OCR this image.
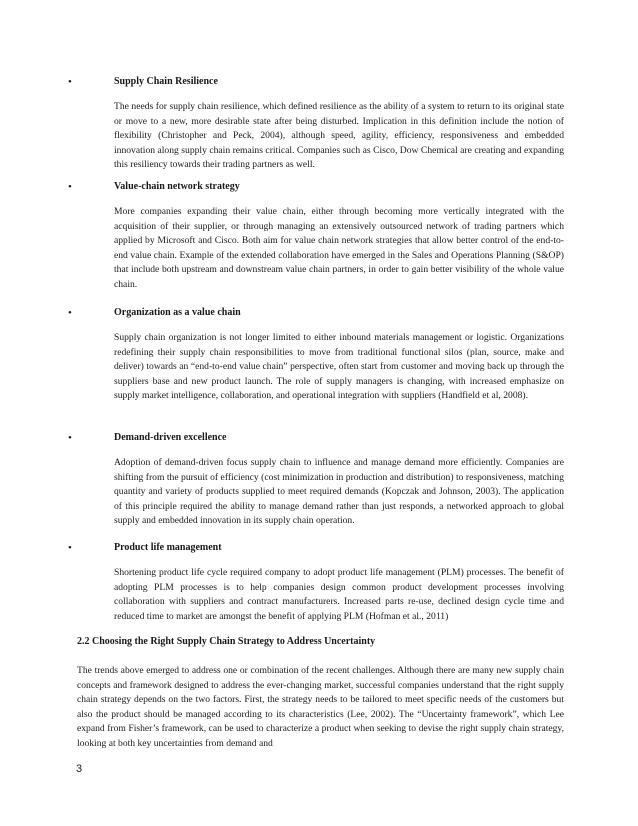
•	Supply Chain Resilience

The needs for supply chain resilience, which defined resilience as the ability of a system to return to its original state or move to a new, more desirable state after being disturbed. Implication in this definition include the notion of flexibility (Christopher and Peck, 2004), although speed, agility, efficiency, responsiveness and embedded innovation along supply chain remains critical. Companies such as Cisco, Dow Chemical are creating and expanding this resiliency towards their trading partners as well.

•	Value-chain network strategy

More companies expanding their value chain, either through becoming more vertically integrated with the acquisition of their supplier, or through managing an extensively outsourced network of trading partners which applied by Microsoft and Cisco. Both aim for value chain network strategies that allow better control of the end-to-end value chain. Example of the extended collaboration have emerged in the Sales and Operations Planning (S&OP) that include both upstream and downstream value chain partners, in order to gain better visibility of the whole value chain.

•	Organization as a value chain

Supply chain organization is not longer limited to either inbound materials management or logistic. Organizations redefining their supply chain responsibilities to move from traditional functional silos (plan, source, make and deliver) towards an “end-to-end value chain” perspective, often start from customer and moving back up through the suppliers base and new product launch. The role of supply managers is changing, with increased emphasize on supply market intelligence, collaboration, and operational integration with suppliers (Handfield et al, 2008).

•	Demand-driven excellence

Adoption of demand-driven focus supply chain to influence and manage demand more efficiently. Companies are shifting from the pursuit of efficiency (cost minimization in production and distribution) to responsiveness, matching quantity and variety of products supplied to meet required demands (Kopczak and Johnson, 2003). The application of this principle required the ability to manage demand rather than just responds, a networked approach to global supply and embedded innovation in its supply chain operation.

•	Product life management

Shortening product life cycle required company to adopt product life management (PLM) processes. The benefit of adopting PLM processes is to help companies design common product development processes involving collaboration with suppliers and contract manufacturers. Increased parts re-use, declined design cycle time and reduced time to market are amongst the benefit of applying PLM (Hofman et al., 2011)

2.2 Choosing the Right Supply Chain Strategy to Address Uncertainty

The trends above emerged to address one or combination of the recent challenges. Although there are many new supply chain concepts and framework designed to address the ever-changing market, successful companies understand that the right supply chain strategy depends on the two factors. First, the strategy needs to be tailored to meet specific needs of the customers but also the product should be managed according to its characteristics (Lee, 2002). The “Uncertainty framework”, which Lee expand from Fisher’s framework, can be used to characterize a product when seeking to devise the right supply chain strategy, looking at both key uncertainties from demand and

3
